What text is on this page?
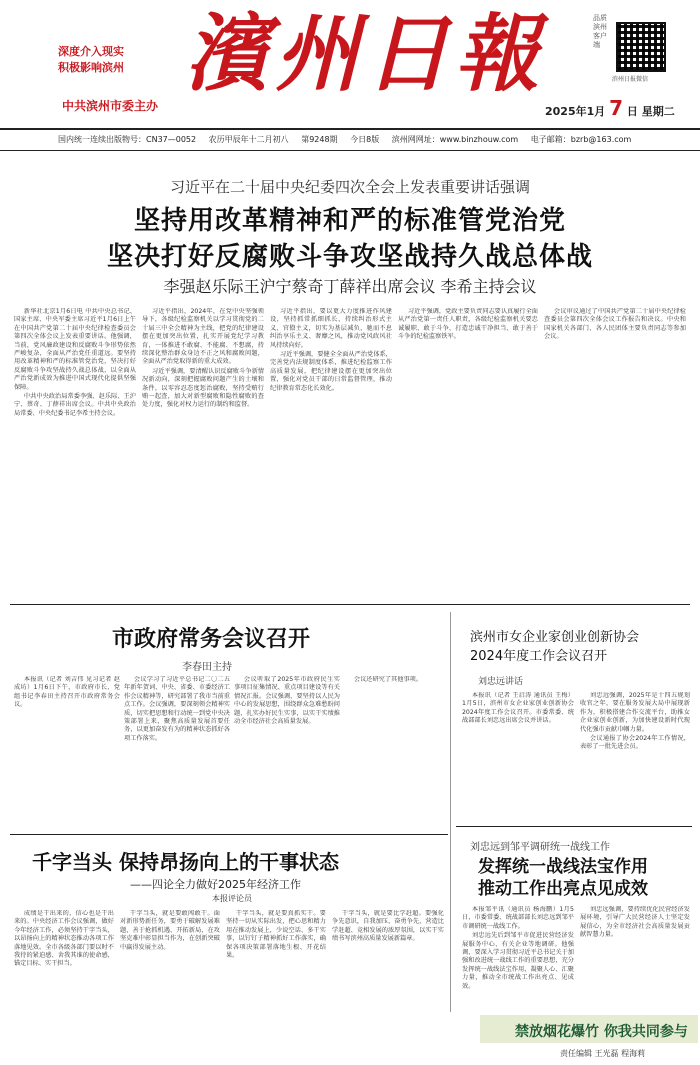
深度介入现实
积极影响滨州
中共滨州市委主办
濱州日報	品质滨州客户端
滨州日报微信
2025年1月 7 日 星期二
国内统一连续出版物号：CN37—0052 农历甲辰年十二月初八 第9248期 今日8版 滨州网网址：www.binzhouw.com 电子邮箱：bzrb@163.com
习近平在二十届中央纪委四次全会上发表重要讲话强调
坚持用改革精神和严的标准管党治党
坚决打好反腐败斗争攻坚战持久战总体战
李强赵乐际王沪宁蔡奇丁薛祥出席会议 李希主持会议

新华社北京1月6日电 中共中央总书记、国家主席、中央军委主席习近平1月6日上午在中国共产党第二十届中央纪律检查委员会第四次全体会议上发表重要讲话。他强调，当前，党风廉政建设和反腐败斗争形势依然严峻复杂，全面从严治党任重道远。要坚持用改革精神和严的标准管党治党，坚决打好反腐败斗争攻坚战持久战总体战，以全面从严治党新成效为推进中国式现代化提供坚强保障。

中共中央政治局常委李强、赵乐际、王沪宁、蔡奇、丁薛祥出席会议。中共中央政治局常委、中央纪委书记李希主持会议。

习近平指出，2024年，在党中央坚强领导下，各级纪检监察机关以学习贯彻党的二十届三中全会精神为主线，把党的纪律建设摆在更加突出位置，扎实开展党纪学习教育，一体推进不敢腐、不能腐、不想腐，持续深化整治群众身边不正之风和腐败问题，全面从严治党取得新的重大成效。

习近平强调，要清醒认识反腐败斗争新情况新动向，深刻把握腐败问题产生的土壤和条件，以零容忍态度惩治腐败，坚持受贿行贿一起查，加大对新型腐败和隐性腐败的查处力度，强化对权力运行的制约和监督。

习近平指出，要以更大力度推进作风建设，坚持抓常抓细抓长，持续纠治形式主义、官僚主义，切实为基层减负，驰而不息纠治享乐主义、奢靡之风，推动党风政风社风持续向好。

习近平强调，要健全全面从严治党体系，完善党内法规制度体系，推进纪检监察工作高质量发展，把纪律建设摆在更加突出位置，强化对党员干部的日常监督管理，推动纪律教育常态化长效化。

习近平强调，党政主要负责同志要认真履行全面从严治党第一责任人职责，各级纪检监察机关要忠诚履职、敢于斗争，打造忠诚干净担当、敢于善于斗争的纪检监察铁军。

会议审议通过了中国共产党第二十届中央纪律检查委员会第四次全体会议工作报告和决议。中央和国家机关各部门、各人民团体主要负责同志等参加会议。

市政府常务会议召开
李春田主持

本报讯（记者 刘吉伟 见习记者 赵成坊）1月6日下午，市政府市长、党组书记李春田主持召开市政府常务会议。

会议学习了习近平总书记二〇二五年新年贺词、中央、省委、市委经济工作会议精神等，研究部署了我市当前重点工作。会议强调，要深刻领会精神实质，切实把思想和行动统一到党中央决策部署上来，聚焦高质量发展首要任务，以更加奋发有为的精神状态抓好各项工作落实。

会议听取了2025年市政府民生实事项目征集情况、重点项目建设等有关情况汇报。会议强调，要坚持以人民为中心的发展思想，围绕群众急难愁盼问题，扎实办好民生实事，以实干实绩推动全市经济社会高质量发展。

会议还研究了其他事项。

滨州市女企业家创业创新协会
2024年度工作会议召开
刘忠远讲话

本报讯（记者 王启涛 通讯员 王梅）1月5日，滨州市女企业家创业创新协会2024年度工作会议召开。市委常委、统战部部长刘忠远出席会议并讲话。

刘忠远强调，2025年是十四五规划收官之年，要在服务发展大局中展现新作为，积极搭建合作交流平台，助推女企业家创业创新，为加快建设新时代现代化强市贡献巾帼力量。

会议通报了协会2024年工作情况，表彰了一批先进会员。

千字当头 保持昂扬向上的干事状态
——四论全力做好2025年经济工作
本报评论员

成绩是干出来的，信心也是干出来的。中央经济工作会议强调，做好今年经济工作，必须坚持干字当头，以昂扬向上的精神状态推动各项工作落地见效。全市各级各部门要以时不我待的紧迫感、舍我其谁的使命感，锚定目标、实干担当。

干字当头，就是要敢闯敢干。面对新形势新任务，要勇于破解发展难题，善于抢抓机遇、开拓新局，在攻坚克难中彰显担当作为，在创新突破中赢得发展主动。

干字当头，就是要真抓实干。要坚持一切从实际出发，把心思和精力用在推动发展上，少说空话、多干实事，以钉钉子精神抓好工作落实，确保各项决策部署落地生根、开花结果。

干字当头，就是要比学赶超。要强化争先意识，自我加压、奋勇争先，营造比学赶超、竞相发展的浓厚氛围，以实干实绩书写滨州高质量发展新篇章。

刘忠远到邹平调研统一战线工作
发挥统一战线法宝作用
推动工作出亮点见成效

本报邹平讯（通讯员 杨海鹏）1月5日，市委常委、统战部部长刘忠远到邹平市调研统一战线工作。

刘忠远先后到邹平市促进民营经济发展服务中心、有关企业等地调研。他强调，要深入学习贯彻习近平总书记关于加强和改进统一战线工作的重要思想，充分发挥统一战线法宝作用，凝聚人心、汇聚力量，推动全市统战工作出亮点、见成效。

刘忠远强调，要持续优化民营经济发展环境，引导广大民营经济人士坚定发展信心，为全市经济社会高质量发展贡献智慧力量。

禁放烟花爆竹 你我共同参与
责任编辑 王光磊 程海莉
